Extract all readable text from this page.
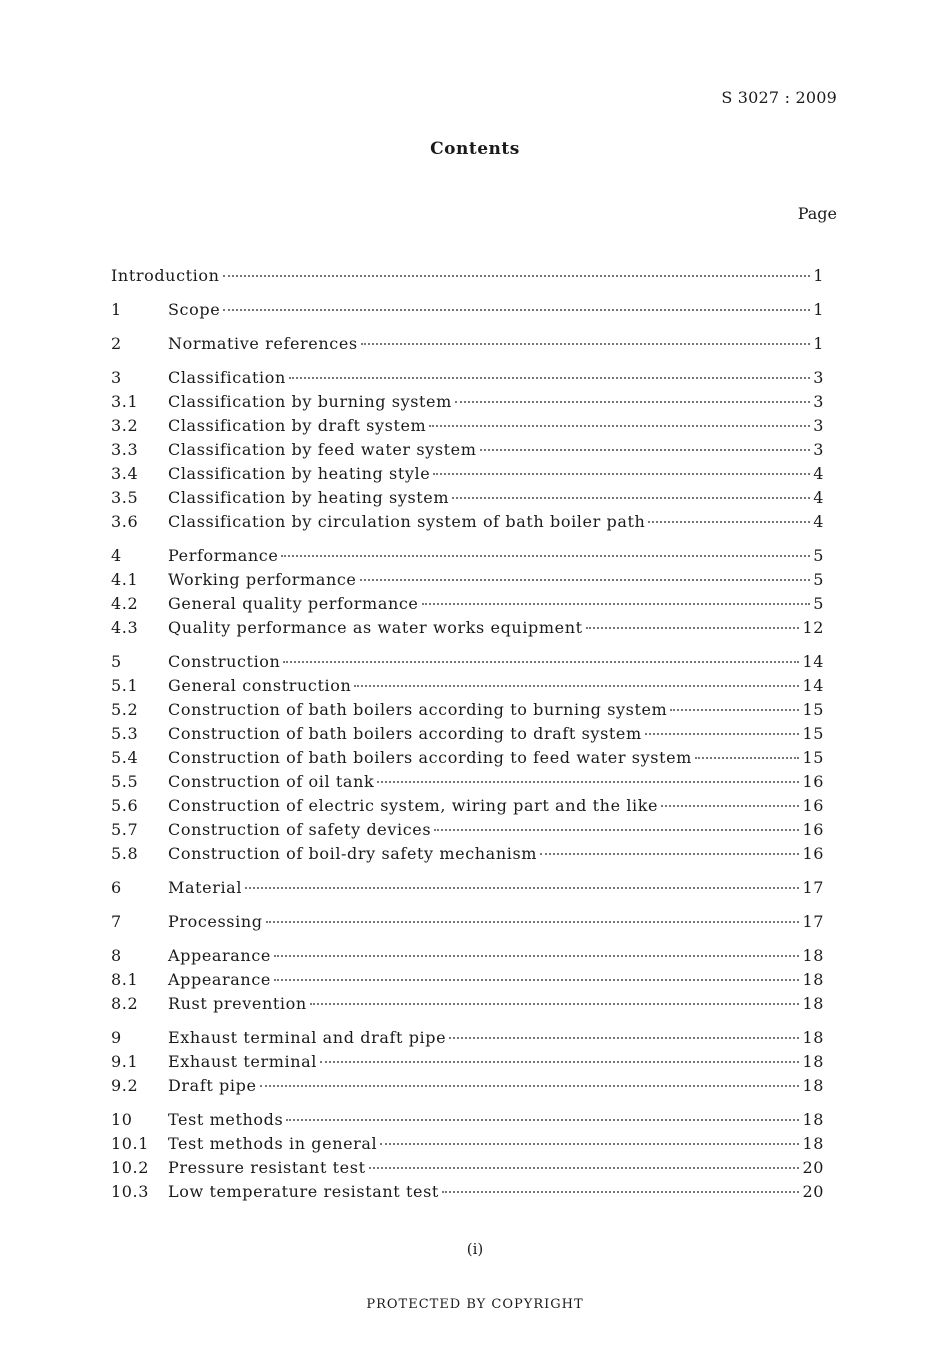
S 3027 : 2009
Contents
Page
Introduction	1
1	Scope	1
2	Normative references	1
3	Classification	3
3.1	Classification by burning system	3
3.2	Classification by draft system	3
3.3	Classification by feed water system	3
3.4	Classification by heating style	4
3.5	Classification by heating system	4
3.6	Classification by circulation system of bath boiler path	4
4	Performance	5
4.1	Working performance	5
4.2	General quality performance	5
4.3	Quality performance as water works equipment	12
5	Construction	14
5.1	General construction	14
5.2	Construction of bath boilers according to burning system	15
5.3	Construction of bath boilers according to draft system	15
5.4	Construction of bath boilers according to feed water system	15
5.5	Construction of oil tank	16
5.6	Construction of electric system, wiring part and the like	16
5.7	Construction of safety devices	16
5.8	Construction of boil-dry safety mechanism	16
6	Material	17
7	Processing	17
8	Appearance	18
8.1	Appearance	18
8.2	Rust prevention	18
9	Exhaust terminal and draft pipe	18
9.1	Exhaust terminal	18
9.2	Draft pipe	18
10	Test methods	18
10.1	Test methods in general	18
10.2	Pressure resistant test	20
10.3	Low temperature resistant test	20
(i)
PROTECTED BY COPYRIGHT
